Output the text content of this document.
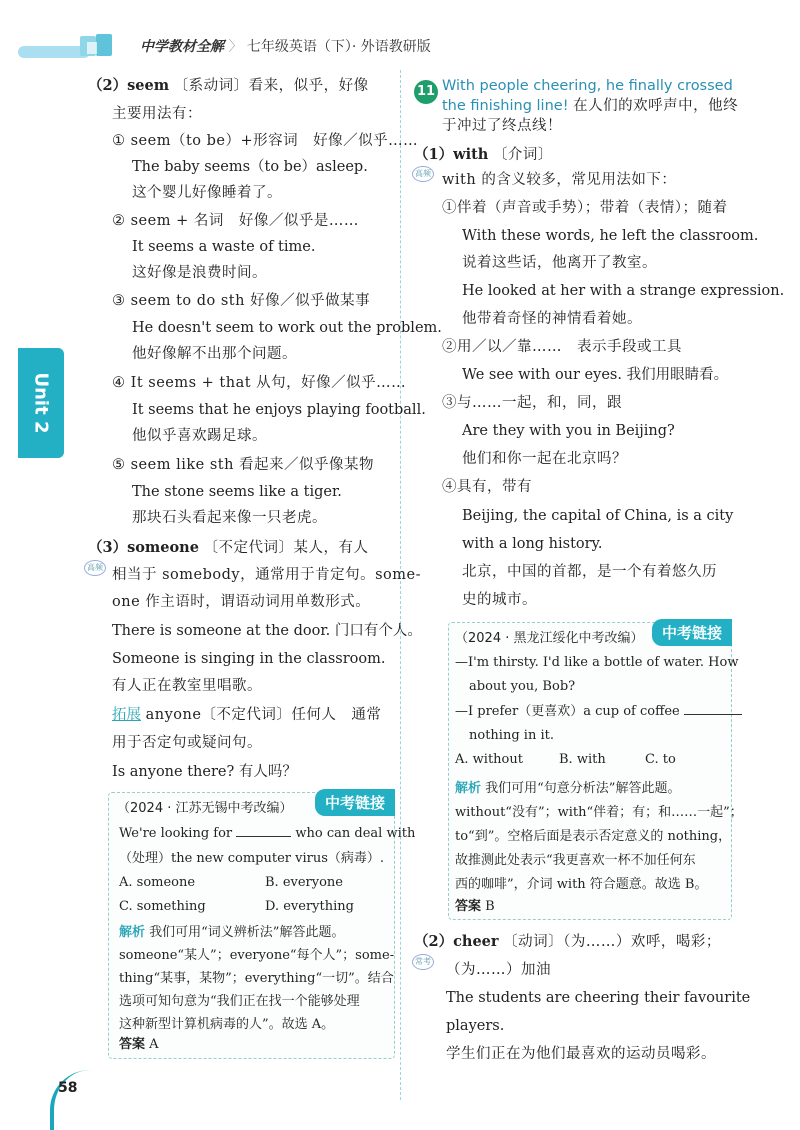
中学教材全解 〉 七年级英语（下）· 外语教研版
Unit 2
（2）seem 〔系动词〕看来，似乎，好像
主要用法有：
① seem（to be）+形容词　好像／似乎……
The baby seems（to be）asleep.
这个婴儿好像睡着了。
② seem + 名词　好像／似乎是……
It seems a waste of time.
这好像是浪费时间。
③ seem to do sth 好像／似乎做某事
He doesn't seem to work out the problem.
他好像解不出那个问题。
④ It seems + that 从句，好像／似乎……
It seems that he enjoys playing football.
他似乎喜欢踢足球。
⑤ seem like sth 看起来／似乎像某物
The stone seems like a tiger.
那块石头看起来像一只老虎。
（3）someone 〔不定代词〕某人，有人
高频 相当于 somebody，通常用于肯定句。some-
one 作主语时，谓语动词用单数形式。
There is someone at the door. 门口有个人。
Someone is singing in the classroom.
有人正在教室里唱歌。
拓展 anyone〔不定代词〕任何人　通常
用于否定句或疑问句。
Is anyone there? 有人吗？
中考链接
（2024 · 江苏无锡中考改编）
We're looking for	who can deal with
（处理）the new computer virus（病毒）.
A. someone	B. everyone
C. something	D. everything
解析 我们可用“词义辨析法”解答此题。
someone“某人”；everyone“每个人”；some-
thing“某事，某物”；everything“一切”。结合
选项可知句意为“我们正在找一个能够处理
这种新型计算机病毒的人”。故选 A。
答案 A
11 With people cheering, he finally crossed
the finishing line! 在人们的欢呼声中，他终
于冲过了终点线！
（1）with 〔介词〕
高频 with 的含义较多，常见用法如下：
①伴着（声音或手势）；带着（表情）；随着
With these words, he left the classroom.
说着这些话，他离开了教室。
He looked at her with a strange expression.
他带着奇怪的神情看着她。
②用／以／靠……　表示手段或工具
We see with our eyes. 我们用眼睛看。
③与……一起，和，同，跟
Are they with you in Beijing?
他们和你一起在北京吗？
④具有，带有
Beijing, the capital of China, is a city
with a long history.
北京，中国的首都，是一个有着悠久历
史的城市。
中考链接
（2024 · 黑龙江绥化中考改编）
—I'm thirsty. I'd like a bottle of water. How
about you, Bob?
—I prefer（更喜欢）a cup of coffee
nothing in it.
A. without	B. with	C. to
解析 我们可用“句意分析法”解答此题。
without“没有”；with“伴着；有；和……一起”；
to“到”。空格后面是表示否定意义的 nothing，
故推测此处表示“我更喜欢一杯不加任何东
西的咖啡”，介词 with 符合题意。故选 B。
答案 B
（2）cheer 〔动词〕（为……）欢呼，喝彩；
常考
（为……）加油
The students are cheering their favourite
players.
学生们正在为他们最喜欢的运动员喝彩。
58
